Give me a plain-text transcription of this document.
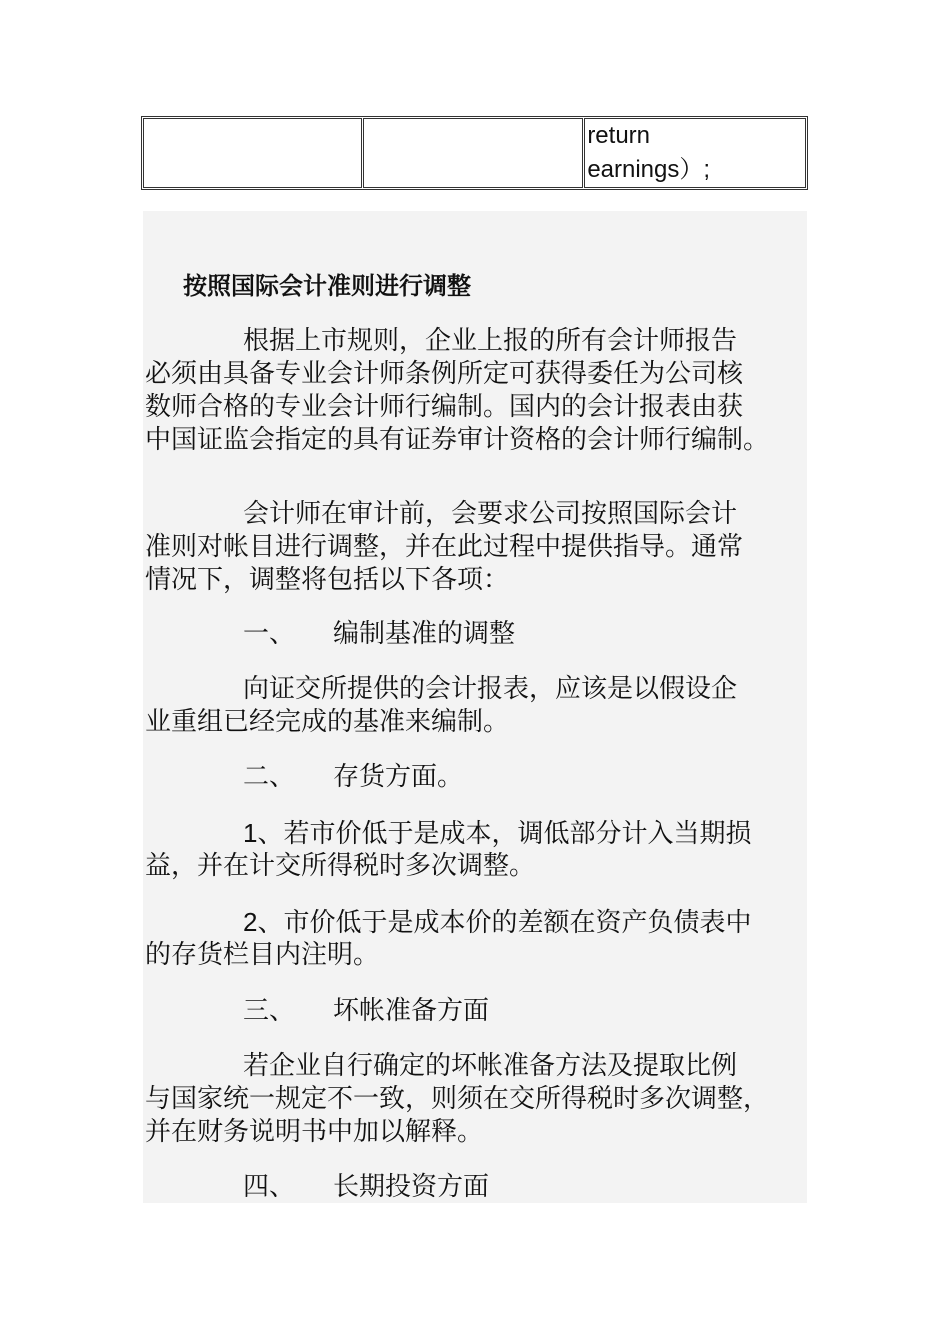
return
earnings）;
按照国际会计准则进行调整
根据上市规则，企业上报的所有会计师报告
必须由具备专业会计师条例所定可获得委任为公司核
数师合格的专业会计师行编制。国内的会计报表由获
中国证监会指定的具有证券审计资格的会计师行编制。
会计师在审计前，会要求公司按照国际会计
准则对帐目进行调整，并在此过程中提供指导。通常
情况下，调整将包括以下各项：
一、 编制基准的调整
向证交所提供的会计报表，应该是以假设企
业重组已经完成的基准来编制。
二、 存货方面。
1、若市价低于是成本，调低部分计入当期损
益，并在计交所得税时多次调整。
2、市价低于是成本价的差额在资产负债表中
的存货栏目内注明。
三、 坏帐准备方面
若企业自行确定的坏帐准备方法及提取比例
与国家统一规定不一致，则须在交所得税时多次调整，
并在财务说明书中加以解释。
四、 长期投资方面
